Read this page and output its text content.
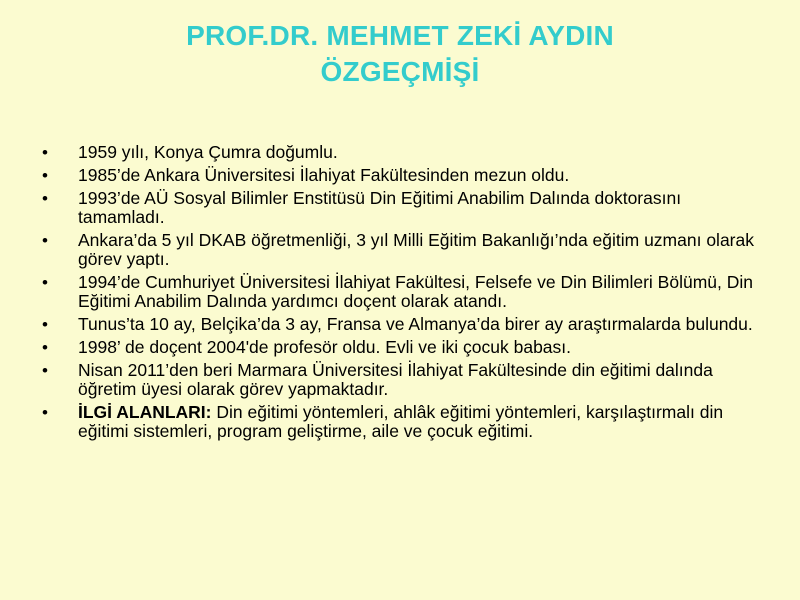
PROF.DR. MEHMET ZEKİ AYDIN
ÖZGEÇMİŞİ
•	1959 yılı, Konya Çumra doğumlu.
•	1985’de Ankara Üniversitesi İlahiyat Fakültesinden mezun oldu.
•	1993’de AÜ Sosyal Bilimler Enstitüsü Din Eğitimi Anabilim Dalında doktorasını tamamladı.
•	Ankara’da 5 yıl DKAB öğretmenliği, 3 yıl Milli Eğitim Bakanlığı’nda eğitim uzmanı olarak görev yaptı.
•	1994’de Cumhuriyet Üniversitesi İlahiyat Fakültesi, Felsefe ve Din Bilimleri Bölümü, Din Eğitimi Anabilim Dalında yardımcı doçent olarak atandı.
•	Tunus’ta 10 ay, Belçika’da 3 ay, Fransa ve Almanya’da birer ay araştırmalarda bulundu.
•	1998’ de doçent 2004'de profesör oldu. Evli ve iki çocuk babası.
•	Nisan 2011’den beri Marmara Üniversitesi İlahiyat Fakültesinde din eğitimi dalında öğretim üyesi olarak görev yapmaktadır.
•	İLGİ ALANLARI: Din eğitimi yöntemleri, ahlâk eğitimi yöntemleri, karşılaştırmalı din eğitimi sistemleri, program geliştirme, aile ve çocuk eğitimi.
